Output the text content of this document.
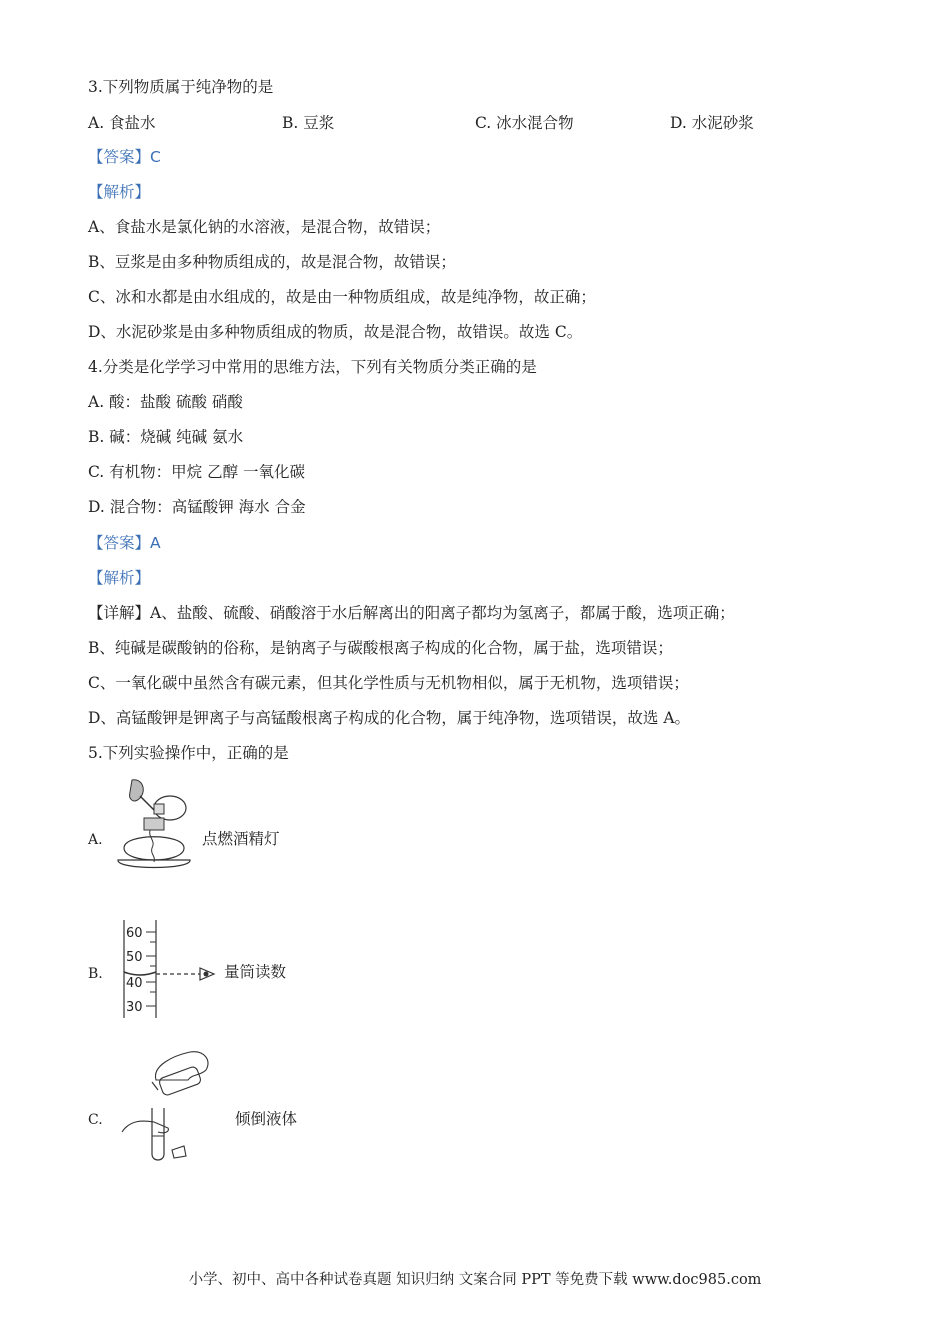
3.下列物质属于纯净物的是
A. 食盐水	B. 豆浆	C. 冰水混合物	D. 水泥砂浆
【答案】C
【解析】
A、食盐水是氯化钠的水溶液，是混合物，故错误；
B、豆浆是由多种物质组成的，故是混合物，故错误；
C、冰和水都是由水组成的，故是由一种物质组成，故是纯净物，故正确；
D、水泥砂浆是由多种物质组成的物质，故是混合物，故错误。故选 C。
4.分类是化学学习中常用的思维方法，下列有关物质分类正确的是
A. 酸：盐酸 硫酸 硝酸
B. 碱：烧碱 纯碱 氨水
C. 有机物：甲烷 乙醇 一氧化碳
D. 混合物：高锰酸钾 海水 合金
【答案】A
【解析】
【详解】A、盐酸、硫酸、硝酸溶于水后解离出的阳离子都均为氢离子，都属于酸，选项正确；
B、纯碱是碳酸钠的俗称，是钠离子与碳酸根离子构成的化合物，属于盐，选项错误；
C、一氧化碳中虽然含有碳元素，但其化学性质与无机物相似，属于无机物，选项错误；
D、高锰酸钾是钾离子与高锰酸根离子构成的化合物，属于纯净物，选项错误，故选 A。
5.下列实验操作中，正确的是
A.	点燃酒精灯
B.
60
50
40
30
量筒读数
C.	倾倒液体
小学、初中、高中各种试卷真题 知识归纳 文案合同 PPT 等免费下载 www.doc985.com
